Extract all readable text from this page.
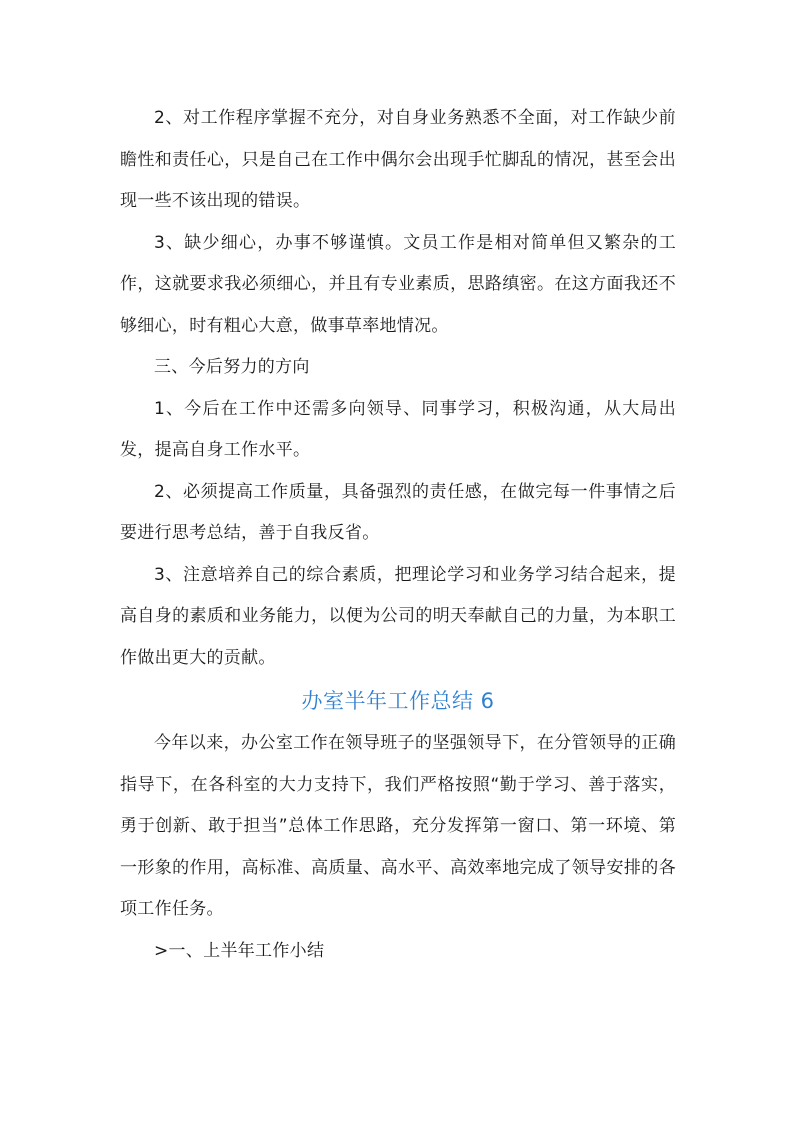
2、对工作程序掌握不充分，对自身业务熟悉不全面，对工作缺少前瞻性和责任心，只是自己在工作中偶尔会出现手忙脚乱的情况，甚至会出现一些不该出现的错误。

3、缺少细心，办事不够谨慎。文员工作是相对简单但又繁杂的工作，这就要求我必须细心，并且有专业素质，思路缜密。在这方面我还不够细心，时有粗心大意，做事草率地情况。

三、今后努力的方向

1、今后在工作中还需多向领导、同事学习，积极沟通，从大局出发，提高自身工作水平。

2、必须提高工作质量，具备强烈的责任感，在做完每一件事情之后要进行思考总结，善于自我反省。

3、注意培养自己的综合素质，把理论学习和业务学习结合起来，提高自身的素质和业务能力，以便为公司的明天奉献自己的力量，为本职工作做出更大的贡献。

办室半年工作总结 6

今年以来，办公室工作在领导班子的坚强领导下，在分管领导的正确指导下，在各科室的大力支持下，我们严格按照“勤于学习、善于落实，勇于创新、敢于担当”总体工作思路，充分发挥第一窗口、第一环境、第一形象的作用，高标准、高质量、高水平、高效率地完成了领导安排的各项工作任务。

>一、上半年工作小结
